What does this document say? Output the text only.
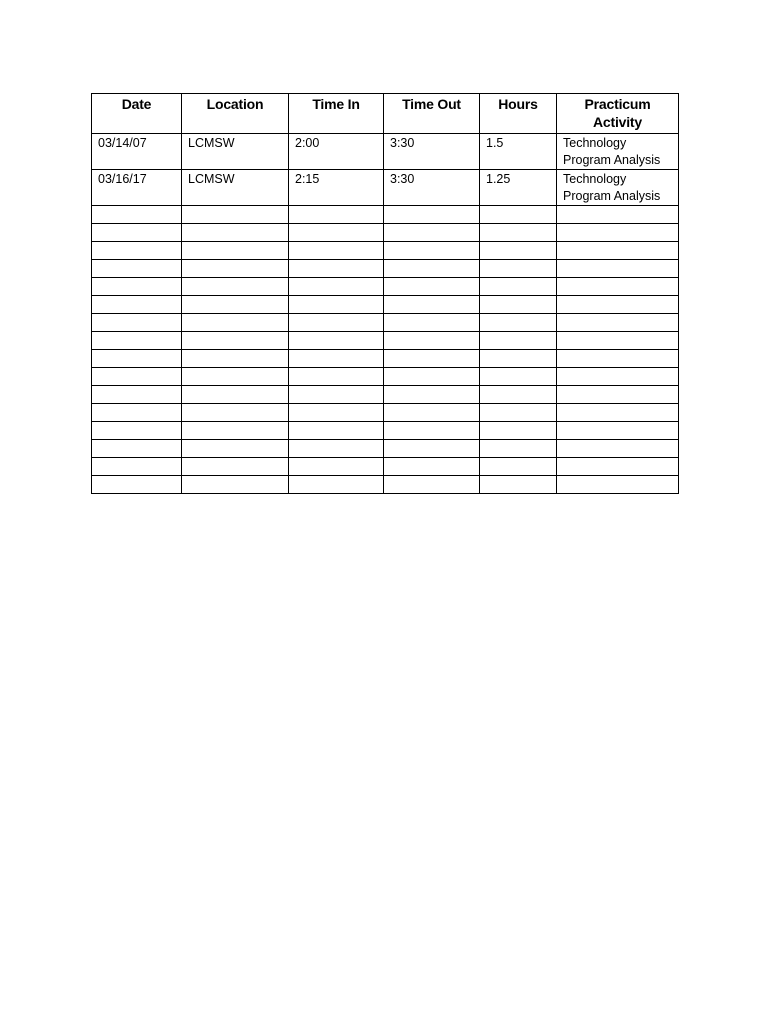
Date	Location	Time In	Time Out	Hours	Practicum Activity
03/14/07	LCMSW	2:00	3:30	1.5	Technology
Program Analysis
03/16/17	LCMSW	2:15	3:30	1.25	Technology
Program Analysis
